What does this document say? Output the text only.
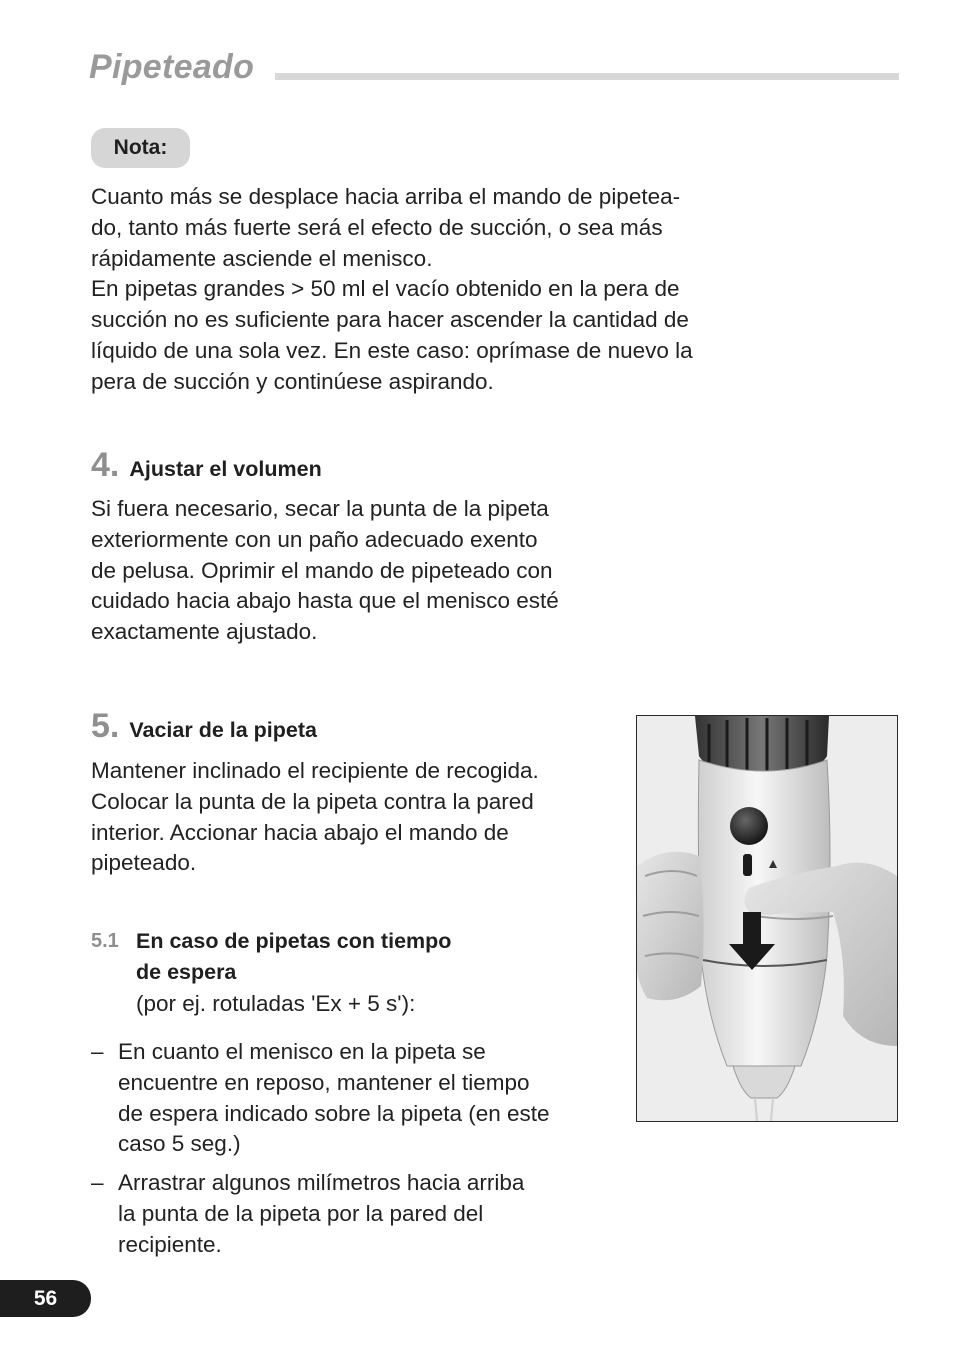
Pipeteado
Nota:

Cuanto más se desplace hacia arriba el mando de pipetea-
do, tanto más fuerte será el efecto de succión, o sea más
rápidamente asciende el menisco.
En pipetas grandes > 50 ml el vacío obtenido en la pera de
succión no es suficiente para hacer ascender la cantidad de
líquido de una sola vez. En este caso: oprímase de nuevo la
pera de succión y continúese aspirando.

4. Ajustar el volumen

Si fuera necesario, secar la punta de la pipeta
exteriormente con un paño adecuado exento
de pelusa. Oprimir el mando de pipeteado con
cuidado hacia abajo hasta que el menisco esté
exactamente ajustado.

5. Vaciar de la pipeta

Mantener inclinado el recipiente de recogida.
Colocar la punta de la pipeta contra la pared
interior. Accionar hacia abajo el mando de
pipeteado.

5.1 En caso de pipetas con tiempo
de espera
(por ej. rotuladas 'Ex + 5 s'):
– En cuanto el menisco en la pipeta se
encuentre en reposo, mantener el tiempo
de espera indicado sobre la pipeta (en este
caso 5 seg.)
– Arrastrar algunos milímetros hacia arriba
la punta de la pipeta por la pared del
recipiente.
56
